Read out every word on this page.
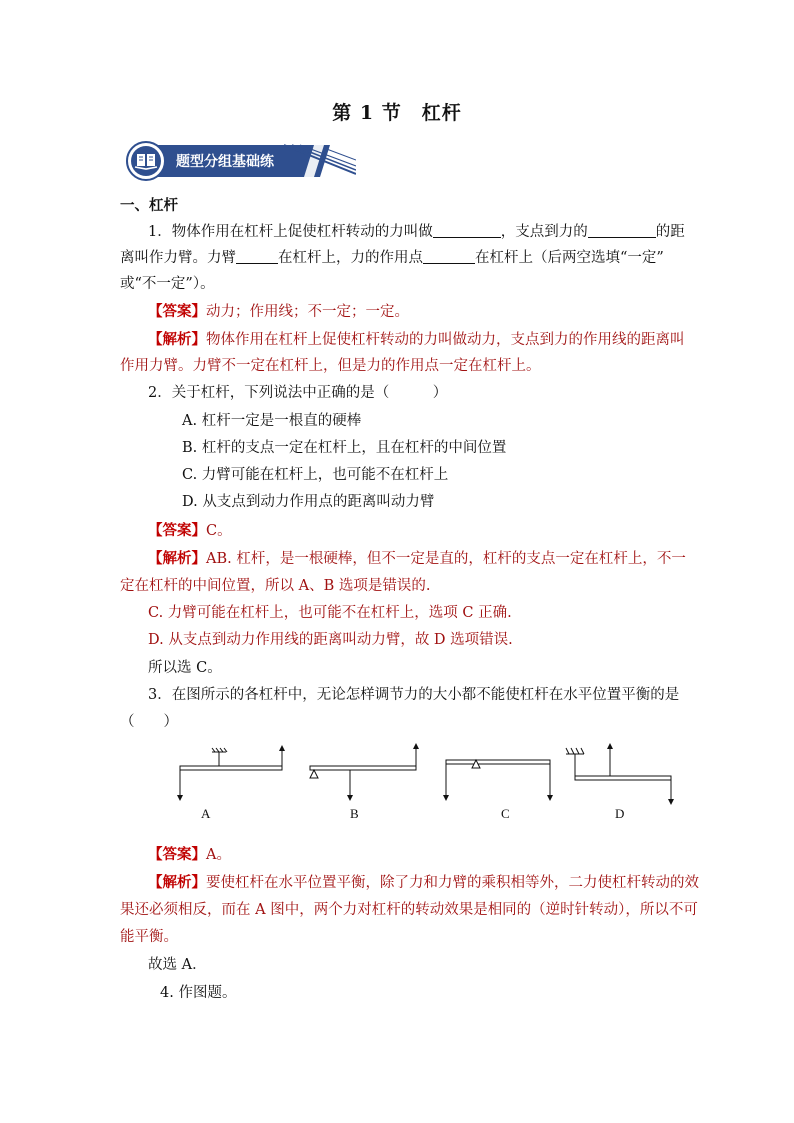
第 1 节　杠杆
题型分组基础练
一、杠杆
1．物体作用在杠杆上促使杠杆转动的力叫做	，支点到力的	的距
离叫作力臂。力臂	在杠杆上，力的作用点	在杠杆上（后两空选填“一定”
或“不一定”）。
【答案】动力；作用线；不一定；一定。
【解析】物体作用在杠杆上促使杠杆转动的力叫做动力，支点到力的作用线的距离叫
作用力臂。力臂不一定在杠杆上，但是力的作用点一定在杠杆上。
2．关于杠杆，下列说法中正确的是（　　　）
A. 杠杆一定是一根直的硬棒
B. 杠杆的支点一定在杠杆上，且在杠杆的中间位置
C. 力臂可能在杠杆上，也可能不在杠杆上
D. 从支点到动力作用点的距离叫动力臂
【答案】C。
【解析】AB. 杠杆，是一根硬棒，但不一定是直的，杠杆的支点一定在杠杆上，不一
定在杠杆的中间位置，所以 A、B 选项是错误的.
C. 力臂可能在杠杆上，也可能不在杠杆上，选项 C 正确.
D. 从支点到动力作用线的距离叫动力臂，故 D 选项错误.
所以选 C。
3．在图所示的各杠杆中，无论怎样调节力的大小都不能使杠杆在水平位置平衡的是
（　　）
A	B	C	D
【答案】A。
【解析】要使杠杆在水平位置平衡，除了力和力臂的乘积相等外，二力使杠杆转动的效
果还必须相反，而在 A 图中，两个力对杠杆的转动效果是相同的（逆时针转动），所以不可
能平衡。
故选 A．
4. 作图题。
